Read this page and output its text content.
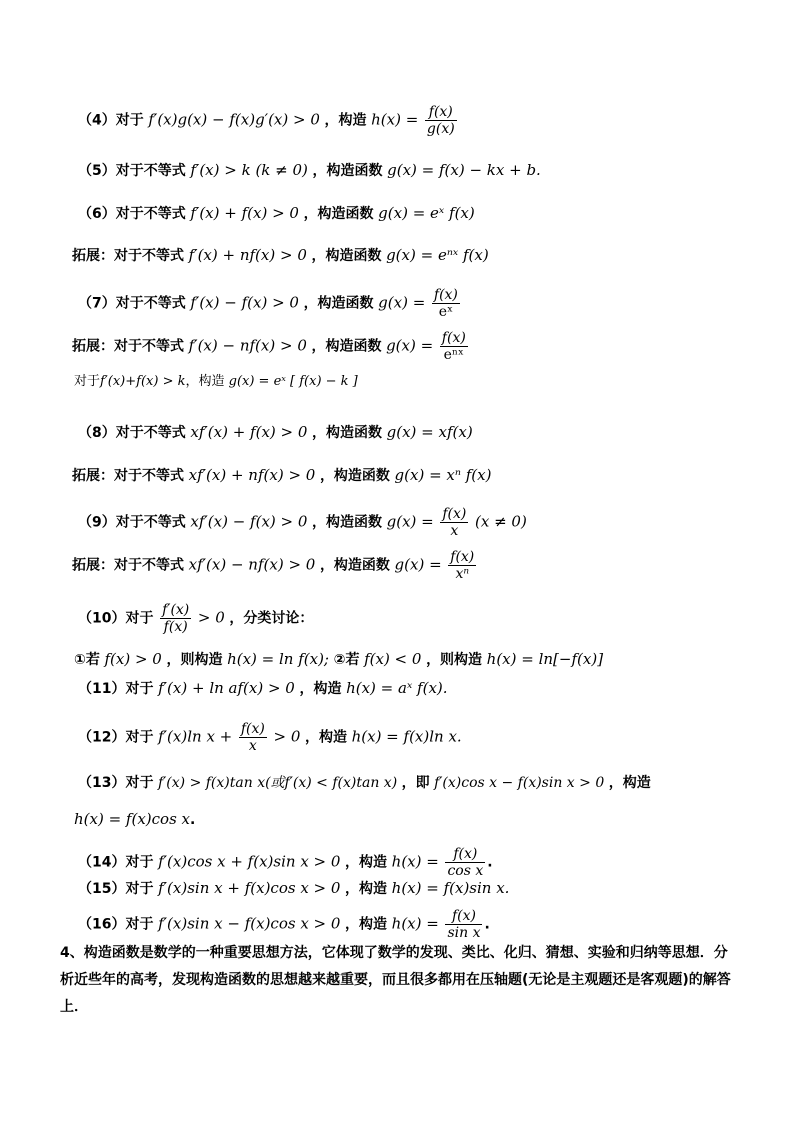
（4）对于 f′(x)g(x) − f(x)g′(x) > 0 ，构造 $h(x) = \frac{f(x)}{g(x)}$
（5）对于不等式 f′(x) > k (k ≠ 0) ，构造函数 g(x) = f(x) − kx + b.
（6）对于不等式 f′(x) + f(x) > 0 ，构造函数 g(x) = eˣ f(x)
拓展：对于不等式 f′(x) + nf(x) > 0 ，构造函数 g(x) = eⁿˣ f(x)
（7）对于不等式 f′(x) − f(x) > 0 ，构造函数 $g(x) = \frac{f(x)}{\text{eˣ}}$
拓展：对于不等式 f′(x) − nf(x) > 0 ，构造函数 $g(x) = \frac{f(x)}{\text{eⁿˣ}}$
对于f′(x)+f(x) > k，构造 g(x) = eˣ [ f(x) − k ]
（8）对于不等式 xf′(x) + f(x) > 0 ，构造函数 g(x) = xf(x)
拓展：对于不等式 xf′(x) + nf(x) > 0 ，构造函数 g(x) = xⁿ f(x)
（9）对于不等式 xf′(x) − f(x) > 0 ，构造函数 $g(x) = \frac{f(x)}{x} (x \ne 0)$
拓展：对于不等式 xf′(x) − nf(x) > 0 ，构造函数 $g(x) = \frac{f(x)}{\text{xⁿ}}$
（10）对于 $\frac{f'(x)}{f(x)} > 0$ ，分类讨论：
①若 f(x) > 0 ，则构造 h(x) = ln f(x); ②若 f(x) < 0 ，则构造 h(x) = ln[−f(x)]
（11）对于 f′(x) + ln af(x) > 0 ，构造 h(x) = aˣ f(x).
（12）对于 f′(x)ln $x + \frac{f(x)}{x} > 0$ ，构造 h(x) = f(x)ln x.
（13）对于 f′(x) > f(x)tan x(或f′(x) < f(x)tan x) ，即 f′(x)cos x − f(x)sin x > 0 ，构造
h(x) = f(x)cos x.
（14）对于 f′(x)cos x + f(x)sin x > 0 ，构造 $h(x) = \frac{f(x)}{\text{cos x}}$ .
（15）对于 f′(x)sin x + f(x)cos x > 0 ，构造 h(x) = f(x)sin x.
（16）对于 f′(x)sin x − f(x)cos x > 0 ，构造 $h(x) = \frac{f(x)}{\text{sin x}}$ .
4、构造函数是数学的一种重要思想方法，它体现了数学的发现、类比、化归、猜想、实验和归纳等思想．分析近些年的高考，发现构造函数的思想越来越重要，而且很多都用在压轴题(无论是主观题还是客观题)的解答上．
